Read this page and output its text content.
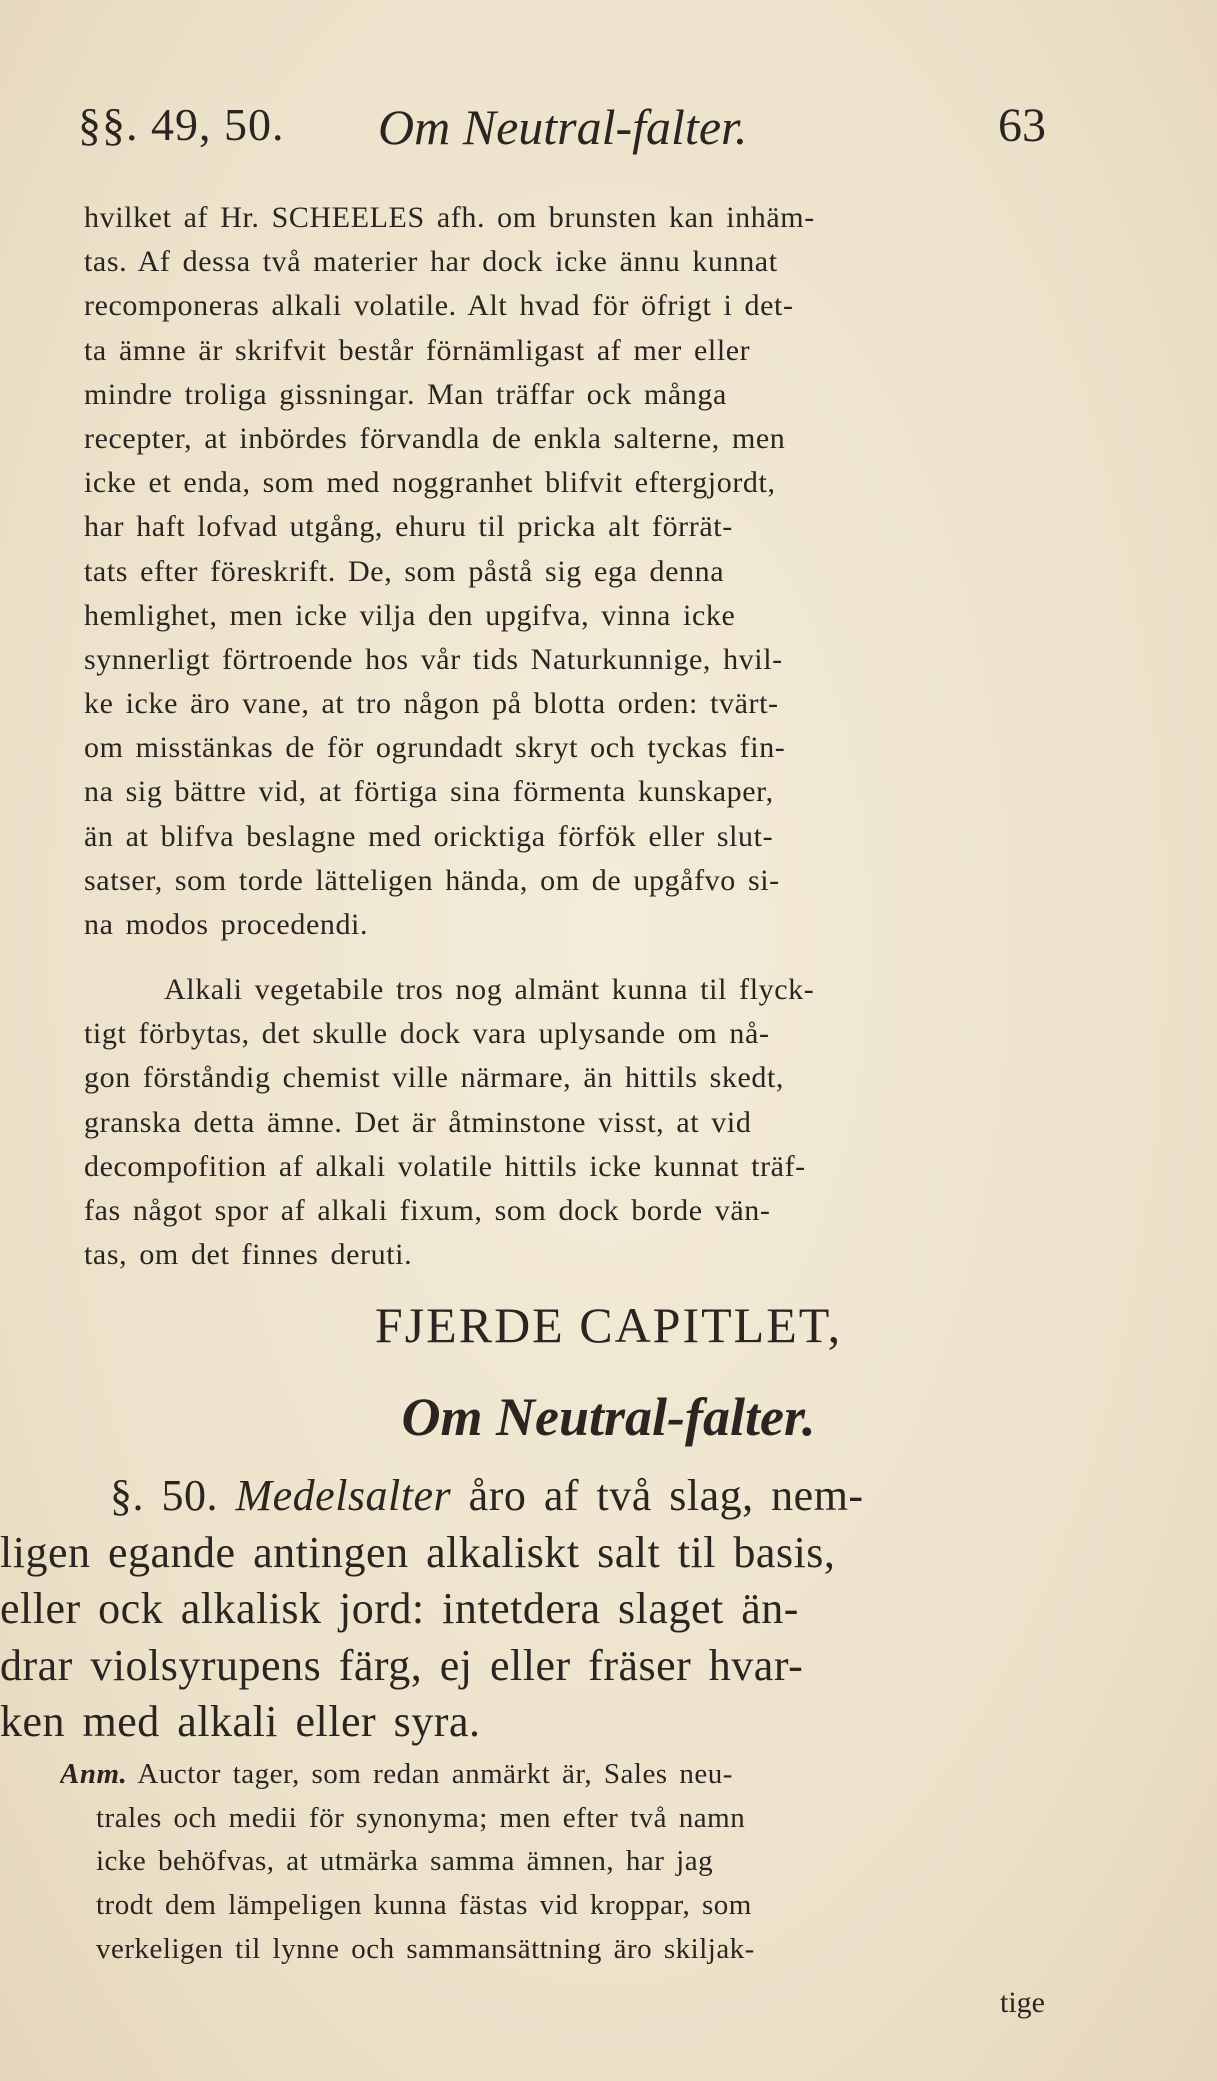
§§. 49, 50. Om Neutral-falter.	63
hvilket af Hr. SCHEELES afh. om brunsten kan inhäm-
tas. Af dessa två materier har dock icke ännu kunnat
recomponeras alkali volatile. Alt hvad för öfrigt i det-
ta ämne är skrifvit består förnämligast af mer eller
mindre troliga gissningar. Man träffar ock många
recepter, at inbördes förvandla de enkla salterne, men
icke et enda, som med noggranhet blifvit eftergjordt,
har haft lofvad utgång, ehuru til pricka alt förrät-
tats efter föreskrift. De, som påstå sig ega denna
hemlighet, men icke vilja den upgifva, vinna icke
synnerligt förtroende hos vår tids Naturkunnige, hvil-
ke icke äro vane, at tro någon på blotta orden: tvärt-
om misstänkas de för ogrundadt skryt och tyckas fin-
na sig bättre vid, at förtiga sina förmenta kunskaper,
än at blifva beslagne med oricktiga förfök eller slut-
satser, som torde lätteligen hända, om de upgåfvo si-
na modos procedendi.
Alkali vegetabile tros nog almänt kunna til flyck-
tigt förbytas, det skulle dock vara uplysande om nå-
gon förståndig chemist ville närmare, än hittils skedt,
granska detta ämne. Det är åtminstone visst, at vid
decompofition af alkali volatile hittils icke kunnat träf-
fas något spor af alkali fixum, som dock borde vän-
tas, om det finnes deruti.
FJERDE CAPITLET,
Om Neutral-falter.
§. 50. Medelsalter åro af två slag, nem-
ligen egande antingen alkaliskt salt til basis,
eller ock alkalisk jord: intetdera slaget än-
drar violsyrupens färg, ej eller fräser hvar-
ken med alkali eller syra.
Anm. Auctor tager, som redan anmärkt är, Sales neu-
trales och medii för synonyma; men efter två namn
icke behöfvas, at utmärka samma ämnen, har jag
trodt dem lämpeligen kunna fästas vid kroppar, som
verkeligen til lynne och sammansättning äro skiljak-
tige
